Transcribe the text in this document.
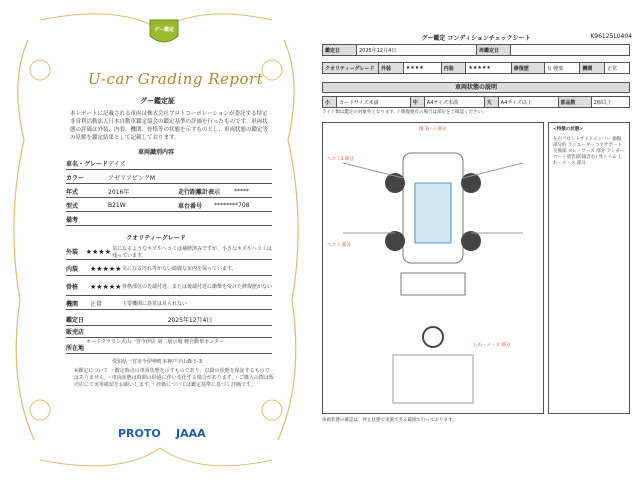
グー鑑定
U-car Grading Report
グー鑑定証
本レポートに記載される車両は株式会社プロトコーポレーションが委託する特定非営利活動法人日本自動車鑑定協会の鑑定基準の評価を行ったものです。車両状態の評価は外装、内装、機関、骨格等の状態を示すものとし、車両状態の鑑定等の見解を鑑定結果として記載しております。
車両識別内容
車名・グレード デイズ
カラー	アゼリアピンクM
年式	2016年	走行距離計表示	*****
型式	B21W	車台番号	********708
備考
クオリティーグレード
外装	★★★★ 気になるようなキズやヘコミは補修済みですが、小さなキズやヘコミは残っています。
内装	★★★★★ 気になる汚れ等がない綺麗な室内を保っています。
骨格	★★★★★ 骨格部位の先端付近、または後端付近に衝撃を受けた修復歴がない
機関	正常	主要機関に異常は見られない
鑑定日	2025年12月4日
販売店
オートクラウン犬山一宮今伊店 第二展示場 軽自動車センター
所在地
愛知県一宮市今伊勢町本神戸字山森下-3
※鑑定について ・鑑定時点の車両状態を示すものであり、以降の状態を保証するものではありません。・車両状態は時間の経過に伴い変化する場合があります。・ご購入の際は販売店にて実車確認をお願いします。・評価については鑑定基準に基づく評価です。
PROTO JAAA
グー鑑定 コンディションチェックシート	K96125L0404
鑑定日	2025年12月4日	再鑑定日	
クオリティーグレード	外装	★★★★	内装	★★★★★	修復歴	有 軽度	機関	正常
車両状態の説明
小	カードサイズ未満	中	A4サイズ未満	大	A4サイズ以上	部品数	2個以上
ライト類は鑑定の対象外となります。/ 修復歴有の場合は部位をご確認ください。
傷 3(ハ) 部分
ヘコミ3 部分
ヘコミ 部分
しわ・メ・ス 部分
<特徴の状態>
左右フロントサイドメンバー 損傷 部分的 ラジエーターコアサポート 交換部 ヨレ・ワーズ 部分 アンダーコート塗装(防錆含む) 外トリム しわ・メ・ス 部分
車両状態の確認は、停止状態で実施できる範囲で行っております。
